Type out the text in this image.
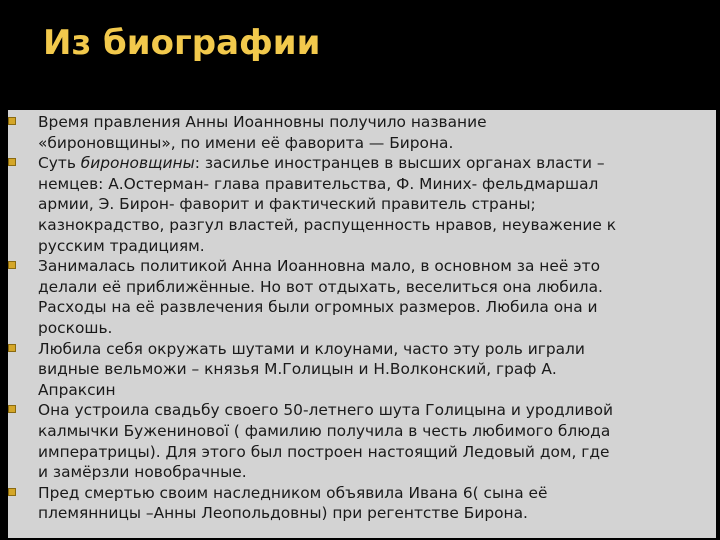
Из биографии
Время правления Анны Иоанновны получило название
«бироновщины», по имени её фаворита — Бирона.
Суть бироновщины: засилье иностранцев в высших органах власти –
немцев: А.Остерман- глава правительства, Ф. Миних- фельдмаршал
армии, Э. Бирон- фаворит и фактический правитель страны;
казнокрадство, разгул властей, распущенность нравов, неуважение к
русским традициям.
Занималась политикой Анна Иоанновна мало, в основном за неё это
делали её приближённые. Но вот отдыхать, веселиться она любила.
Расходы на её развлечения были огромных размеров. Любила она и
роскошь.
Любила себя окружать шутами и клоунами, часто эту роль играли
видные вельможи – князья М.Голицын и Н.Волконский, граф А.
Апраксин
Она устроила свадьбу своего 50-летнего шута Голицына и уродливой
калмычки Буженинової ( фамилию получила в честь любимого блюда
императрицы). Для этого был построен настоящий Ледовый дом, где
и замёрзли новобрачные.
Пред смертью своим наследником объявила Ивана 6( сына её
племянницы –Анны Леопольдовны) при регентстве Бирона.
